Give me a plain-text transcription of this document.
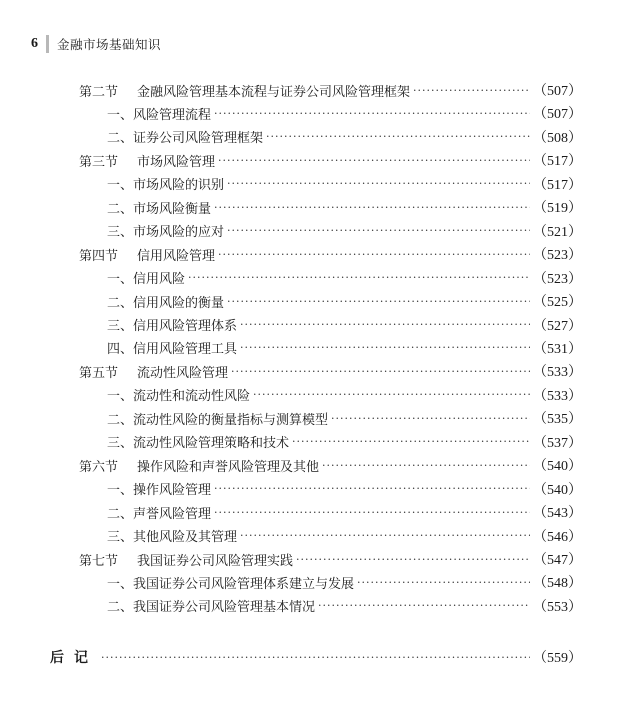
6	金融市场基础知识
第二节	金融风险管理基本流程与证券公司风险管理框架 ·····	（507）
一、 风险管理流程 ·····	（507）
二、 证券公司风险管理框架 ·····	（508）
第三节	市场风险管理 ·····	（517）
一、 市场风险的识别 ·····	（517）
二、 市场风险衡量 ·····	（519）
三、 市场风险的应对 ·····	（521）
第四节	信用风险管理 ·····	（523）
一、 信用风险 ·····	（523）
二、 信用风险的衡量 ·····	（525）
三、 信用风险管理体系 ·····	（527）
四、 信用风险管理工具 ·····	（531）
第五节	流动性风险管理 ·····	（533）
一、 流动性和流动性风险 ·····	（533）
二、 流动性风险的衡量指标与测算模型 ·····	（535）
三、 流动性风险管理策略和技术 ·····	（537）
第六节	操作风险和声誉风险管理及其他 ·····	（540）
一、 操作风险管理 ·····	（540）
二、 声誉风险管理 ·····	（543）
三、 其他风险及其管理 ·····	（546）
第七节	我国证券公司风险管理实践 ·····	（547）
一、 我国证券公司风险管理体系建立与发展 ·····	（548）
二、 我国证券公司风险管理基本情况 ·····	（553）
后记 ·····	（559）
